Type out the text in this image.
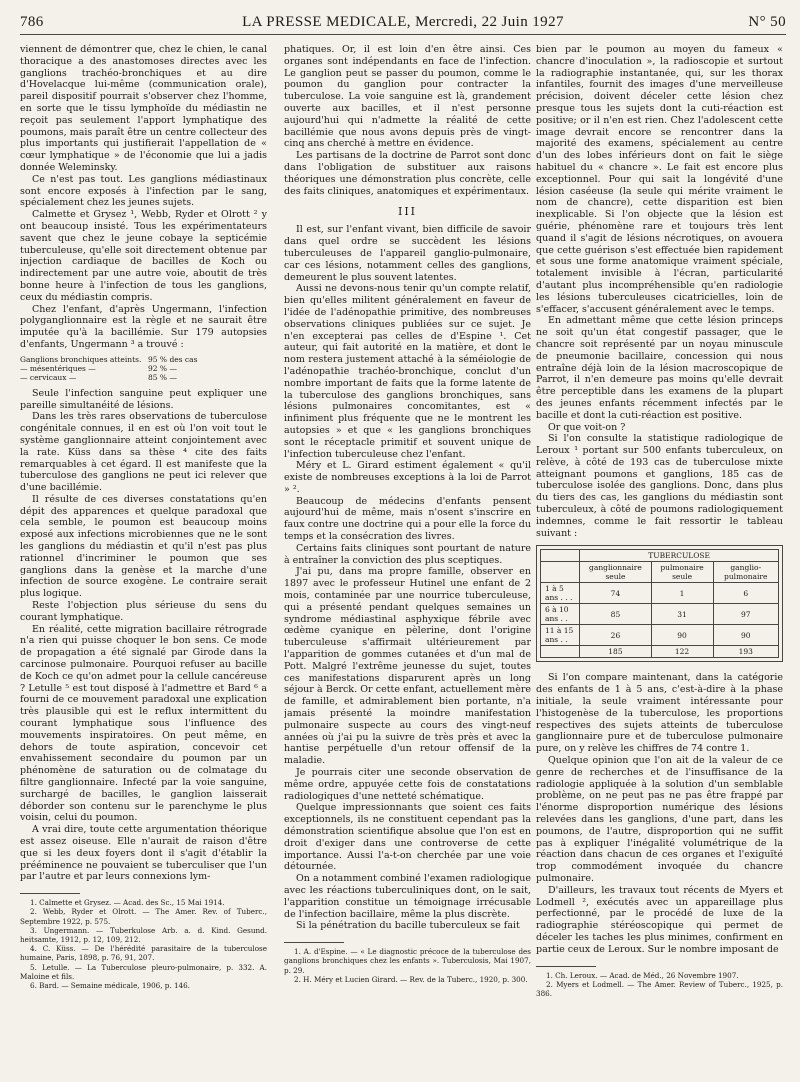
786	LA PRESSE MEDICALE, Mercredi, 22 Juin 1927	N° 50

viennent de démontrer que, chez le chien, le canal thoracique a des anastomoses directes avec les ganglions trachéo-bronchiques et au dire d'Hovelacque lui-même (communication orale), pareil dispositif pourrait s'observer chez l'homme, en sorte que le tissu lymphoïde du médiastin ne reçoit pas seulement l'apport lymphatique des poumons, mais paraît être un centre collecteur des plus importants qui justifierait l'appellation de « cœur lymphatique » de l'économie que lui a jadis donnée Weleminsky.

Ce n'est pas tout. Les ganglions médiastinaux sont encore exposés à l'infection par le sang, spécialement chez les jeunes sujets.

Calmette et Grysez ¹, Webb, Ryder et Olrott ² y ont beaucoup insisté. Tous les expérimentateurs savent que chez le jeune cobaye la septicémie tuberculeuse, qu'elle soit directement obtenue par injection cardiaque de bacilles de Koch ou indirectement par une autre voie, aboutit de très bonne heure à l'infection de tous les ganglions, ceux du médiastin compris.

Chez l'enfant, d'après Ungermann, l'infection polyganglionnaire est la règle et ne saurait être imputée qu'à la bacillémie. Sur 179 autopsies d'enfants, Ungermann ³ a trouvé :

Ganglions bronchiques atteints. 95 % des cas
— mésentériques —	92 % —
— cervicaux —	85 % —

Seule l'infection sanguine peut expliquer une pareille simultanéité de lésions.

Dans les très rares observations de tuberculose congénitale connues, il en est où l'on voit tout le système ganglionnaire atteint conjointement avec la rate. Küss dans sa thèse ⁴ cite des faits remarquables à cet égard. Il est manifeste que la tuberculose des ganglions ne peut ici relever que d'une bacillémie.

Il résulte de ces diverses constatations qu'en dépit des apparences et quelque paradoxal que cela semble, le poumon est beaucoup moins exposé aux infections microbiennes que ne le sont les ganglions du médiastin et qu'il n'est pas plus rationnel d'incriminer le poumon que ses ganglions dans la genèse et la marche d'une infection de source exogène. Le contraire serait plus logique.

Reste l'objection plus sérieuse du sens du courant lymphatique.

En réalité, cette migration bacillaire rétrograde n'a rien qui puisse choquer le bon sens. Ce mode de propagation a été signalé par Girode dans la carcinose pulmonaire. Pourquoi refuser au bacille de Koch ce qu'on admet pour la cellule cancéreuse ? Letulle ⁵ est tout disposé à l'admettre et Bard ⁶ a fourni de ce mouvement paradoxal une explication très plausible qui est le reflux intermittent du courant lymphatique sous l'influence des mouvements inspiratoires. On peut même, en dehors de toute aspiration, concevoir cet envahissement secondaire du poumon par un phénomène de saturation ou de colmatage du filtre ganglionnaire. Infecté par la voie sanguine, surchargé de bacilles, le ganglion laisserait déborder son contenu sur le parenchyme le plus voisin, celui du poumon.

A vrai dire, toute cette argumentation théorique est assez oiseuse. Elle n'aurait de raison d'être que si les deux foyers dont il s'agit d'établir la prééminence ne pouvaient se tuberculiser que l'un par l'autre et par leurs connexions lym-

1. Calmette et Grysez. — Acad. des Sc., 15 Mai 1914.

2. Webb, Ryder et Olrott. — The Amer. Rev. of Tuberc., Septembre 1922, p. 575.

3. Ungermann. — Tuberkulose Arb. a. d. Kind. Gesund. heitsamte, 1912, p. 12, 109, 212.

4. C. Küss. — De l'hérédité parasitaire de la tuberculose humaine, Paris, 1898, p. 76, 91, 207.

5. Letulle. — La Tuberculose pleuro-pulmonaire, p. 332. A. Maloine et fils.

6. Bard. — Semaine médicale, 1906, p. 146.

phatiques. Or, il est loin d'en être ainsi. Ces organes sont indépendants en face de l'infection. Le ganglion peut se passer du poumon, comme le poumon du ganglion pour contracter la tuberculose. La voie sanguine est là, grandement ouverte aux bacilles, et il n'est personne aujourd'hui qui n'admette la réalité de cette bacillémie que nous avons depuis près de vingt-cinq ans cherché à mettre en évidence.

Les partisans de la doctrine de Parrot sont donc dans l'obligation de substituer aux raisons théoriques une démonstration plus concrète, celle des faits cliniques, anatomiques et expérimentaux.

III

Il est, sur l'enfant vivant, bien difficile de savoir dans quel ordre se succèdent les lésions tuberculeuses de l'appareil ganglio-pulmonaire, car ces lésions, notamment celles des ganglions, demeurent le plus souvent latentes.

Aussi ne devons-nous tenir qu'un compte relatif, bien qu'elles militent généralement en faveur de l'idée de l'adénopathie primitive, des nombreuses observations cliniques publiées sur ce sujet. Je n'en excepterai pas celles de d'Espine ¹. Cet auteur, qui fait autorité en la matière, et dont le nom restera justement attaché à la séméiologie de l'adénopathie trachéo-bronchique, conclut d'un nombre important de faits que la forme latente de la tuberculose des ganglions bronchiques, sans lésions pulmonaires concomitantes, est « infiniment plus fréquente que ne le montrent les autopsies » et que « les ganglions bronchiques sont le réceptacle primitif et souvent unique de l'infection tuberculeuse chez l'enfant.

Méry et L. Girard estiment également « qu'il existe de nombreuses exceptions à la loi de Parrot » ².

Beaucoup de médecins d'enfants pensent aujourd'hui de même, mais n'osent s'inscrire en faux contre une doctrine qui a pour elle la force du temps et la consécration des livres.

Certains faits cliniques sont pourtant de nature à entraîner la conviction des plus sceptiques.

J'ai pu, dans ma propre famille, observer en 1897 avec le professeur Hutinel une enfant de 2 mois, contaminée par une nourrice tuberculeuse, qui a présenté pendant quelques semaines un syndrome médiastinal asphyxique fébrile avec œdème cyanique en pèlerine, dont l'origine tuberculeuse s'affirmait ultérieurement par l'apparition de gommes cutanées et d'un mal de Pott. Malgré l'extrême jeunesse du sujet, toutes ces manifestations disparurent après un long séjour à Berck. Or cette enfant, actuellement mère de famille, et admirablement bien portante, n'a jamais présenté la moindre manifestation pulmonaire suspecte au cours des vingt-neuf années où j'ai pu la suivre de très près et avec la hantise perpétuelle d'un retour offensif de la maladie.

Je pourrais citer une seconde observation de même ordre, appuyée cette fois de constatations radiologiques d'une netteté schématique.

Quelque impressionnants que soient ces faits exceptionnels, ils ne constituent cependant pas la démonstration scientifique absolue que l'on est en droit d'exiger dans une controverse de cette importance. Aussi l'a-t-on cherchée par une voie détournée.

On a notamment combiné l'examen radiologique avec les réactions tuberculiniques dont, on le sait, l'apparition constitue un témoignage irrécusable de l'infection bacillaire, même la plus discrète.

Si la pénétration du bacille tuberculeux se fait

1. A. d'Espine. — « Le diagnostic précoce de la tuberculose des ganglions bronchiques chez les enfants ». Tuberculosis, Mai 1907, p. 29.

2. H. Méry et Lucien Girard. — Rev. de la Tuberc., 1920, p. 300.

bien par le poumon au moyen du fameux « chancre d'inoculation », la radioscopie et surtout la radiographie instantanée, qui, sur les thorax infantiles, fournit des images d'une merveilleuse précision, doivent déceler cette lésion chez presque tous les sujets dont la cuti-réaction est positive; or il n'en est rien. Chez l'adolescent cette image devrait encore se rencontrer dans la majorité des examens, spécialement au centre d'un des lobes inférieurs dont on fait le siège habituel du « chancre ». Le fait est encore plus exceptionnel. Pour qui sait la longévité d'une lésion caséeuse (la seule qui mérite vraiment le nom de chancre), cette disparition est bien inexplicable. Si l'on objecte que la lésion est guérie, phénomène rare et toujours très lent quand il s'agit de lésions nécrotiques, on avouera que cette guérison s'est effectuée bien rapidement et sous une forme anatomique vraiment spéciale, totalement invisible à l'écran, particularité d'autant plus incompréhensible qu'en radiologie les lésions tuberculeuses cicatricielles, loin de s'effacer, s'accusent généralement avec le temps.

En admettant même que cette lésion princeps ne soit qu'un état congestif passager, que le chancre soit représenté par un noyau minuscule de pneumonie bacillaire, concession qui nous entraîne déjà loin de la lésion macroscopique de Parrot, il n'en demeure pas moins qu'elle devrait être perceptible dans les examens de la plupart des jeunes enfants récemment infectés par le bacille et dont la cuti-réaction est positive.

Or que voit-on ?

Si l'on consulte la statistique radiologique de Leroux ¹ portant sur 500 enfants tuberculeux, on relève, à côté de 193 cas de tuberculose mixte atteignant poumons et ganglions, 185 cas de tuberculose isolée des ganglions. Donc, dans plus du tiers des cas, les ganglions du médiastin sont tuberculeux, à côté de poumons radiologiquement indemnes, comme le fait ressortir le tableau suivant :

	TUBERCULOSE		
	ganglionnaire seule	pulmonaire seule	ganglio-pulmonaire
1 à 5 ans . . .	74	1	6
6 à 10 ans . .	85	31	97
11 à 15 ans . .	26	90	90
	185	122	193

Si l'on compare maintenant, dans la catégorie des enfants de 1 à 5 ans, c'est-à-dire à la phase initiale, la seule vraiment intéressante pour l'histogenèse de la tuberculose, les proportions respectives des sujets atteints de tuberculose ganglionnaire pure et de tuberculose pulmonaire pure, on y relève les chiffres de 74 contre 1.

Quelque opinion que l'on ait de la valeur de ce genre de recherches et de l'insuffisance de la radiologie appliquée à la solution d'un semblable problème, on ne peut pas ne pas être frappé par l'énorme disproportion numérique des lésions relevées dans les ganglions, d'une part, dans les poumons, de l'autre, disproportion qui ne suffit pas à expliquer l'inégalité volumétrique de la réaction dans chacun de ces organes et l'exiguïté trop commodément invoquée du chancre pulmonaire.

D'ailleurs, les travaux tout récents de Myers et Lodmell ², exécutés avec un appareillage plus perfectionné, par le procédé de luxe de la radiographie stéréoscopique qui permet de déceler les taches les plus minimes, confirment en partie ceux de Leroux. Sur le nombre imposant de

1. Ch. Leroux. — Acad. de Méd., 26 Novembre 1907.

2. Myers et Lodmell. — The Amer. Review of Tuberc., 1925, p. 386.
